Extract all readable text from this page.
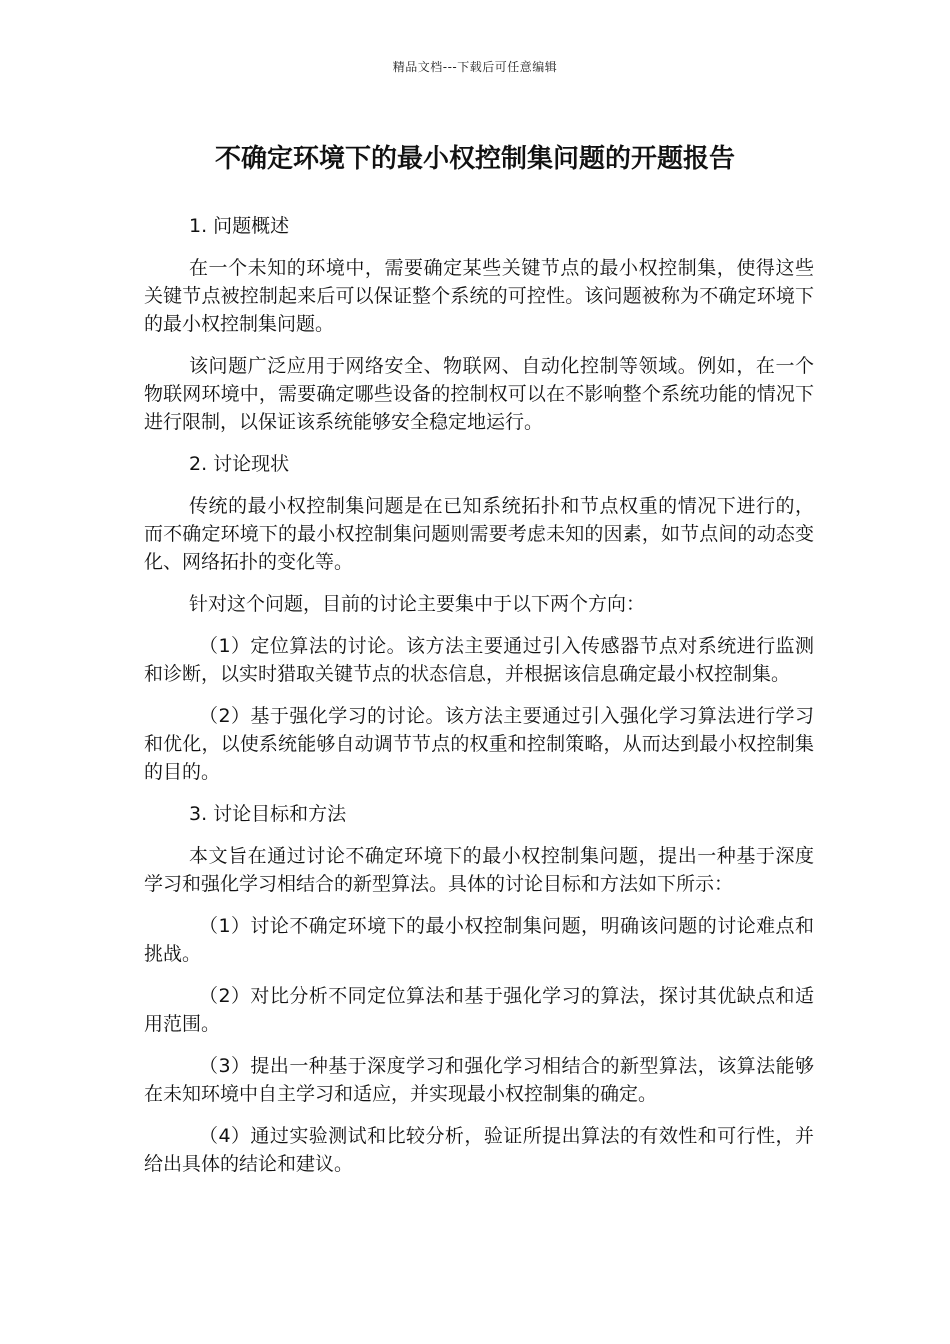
精品文档---下载后可任意编辑
不确定环境下的最小权控制集问题的开题报告
1. 问题概述

在一个未知的环境中，需要确定某些关键节点的最小权控制集，使得这些关键节点被控制起来后可以保证整个系统的可控性。该问题被称为不确定环境下的最小权控制集问题。

该问题广泛应用于网络安全、物联网、自动化控制等领域。例如，在一个物联网环境中，需要确定哪些设备的控制权可以在不影响整个系统功能的情况下进行限制，以保证该系统能够安全稳定地运行。

2. 讨论现状

传统的最小权控制集问题是在已知系统拓扑和节点权重的情况下进行的，而不确定环境下的最小权控制集问题则需要考虑未知的因素，如节点间的动态变化、网络拓扑的变化等。

针对这个问题，目前的讨论主要集中于以下两个方向：

（1）定位算法的讨论。该方法主要通过引入传感器节点对系统进行监测和诊断，以实时猎取关键节点的状态信息，并根据该信息确定最小权控制集。

（2）基于强化学习的讨论。该方法主要通过引入强化学习算法进行学习和优化，以使系统能够自动调节节点的权重和控制策略，从而达到最小权控制集的目的。

3. 讨论目标和方法

本文旨在通过讨论不确定环境下的最小权控制集问题，提出一种基于深度学习和强化学习相结合的新型算法。具体的讨论目标和方法如下所示：

（1）讨论不确定环境下的最小权控制集问题，明确该问题的讨论难点和挑战。

（2）对比分析不同定位算法和基于强化学习的算法，探讨其优缺点和适用范围。

（3）提出一种基于深度学习和强化学习相结合的新型算法，该算法能够在未知环境中自主学习和适应，并实现最小权控制集的确定。

（4）通过实验测试和比较分析，验证所提出算法的有效性和可行性，并给出具体的结论和建议。
